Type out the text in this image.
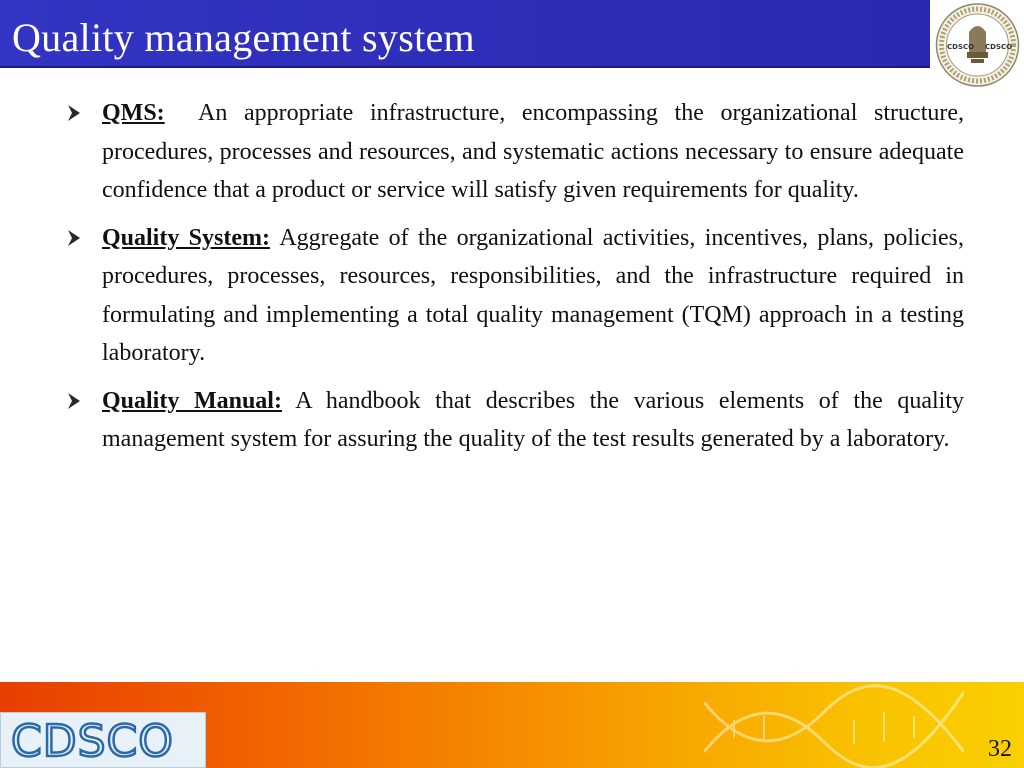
Quality management system	CDSCO CDSCO
QMS: An appropriate infrastructure, encompassing the organizational structure, procedures, processes and resources, and systematic actions necessary to ensure adequate confidence that a product or service will satisfy given requirements for quality.
Quality System: Aggregate of the organizational activities, incentives, plans, policies, procedures, processes, resources, responsibilities, and the infrastructure required in formulating and implementing a total quality management (TQM) approach in a testing laboratory.
Quality Manual: A handbook that describes the various elements of the quality management system for assuring the quality of the test results generated by a laboratory.
CDSCO	32
